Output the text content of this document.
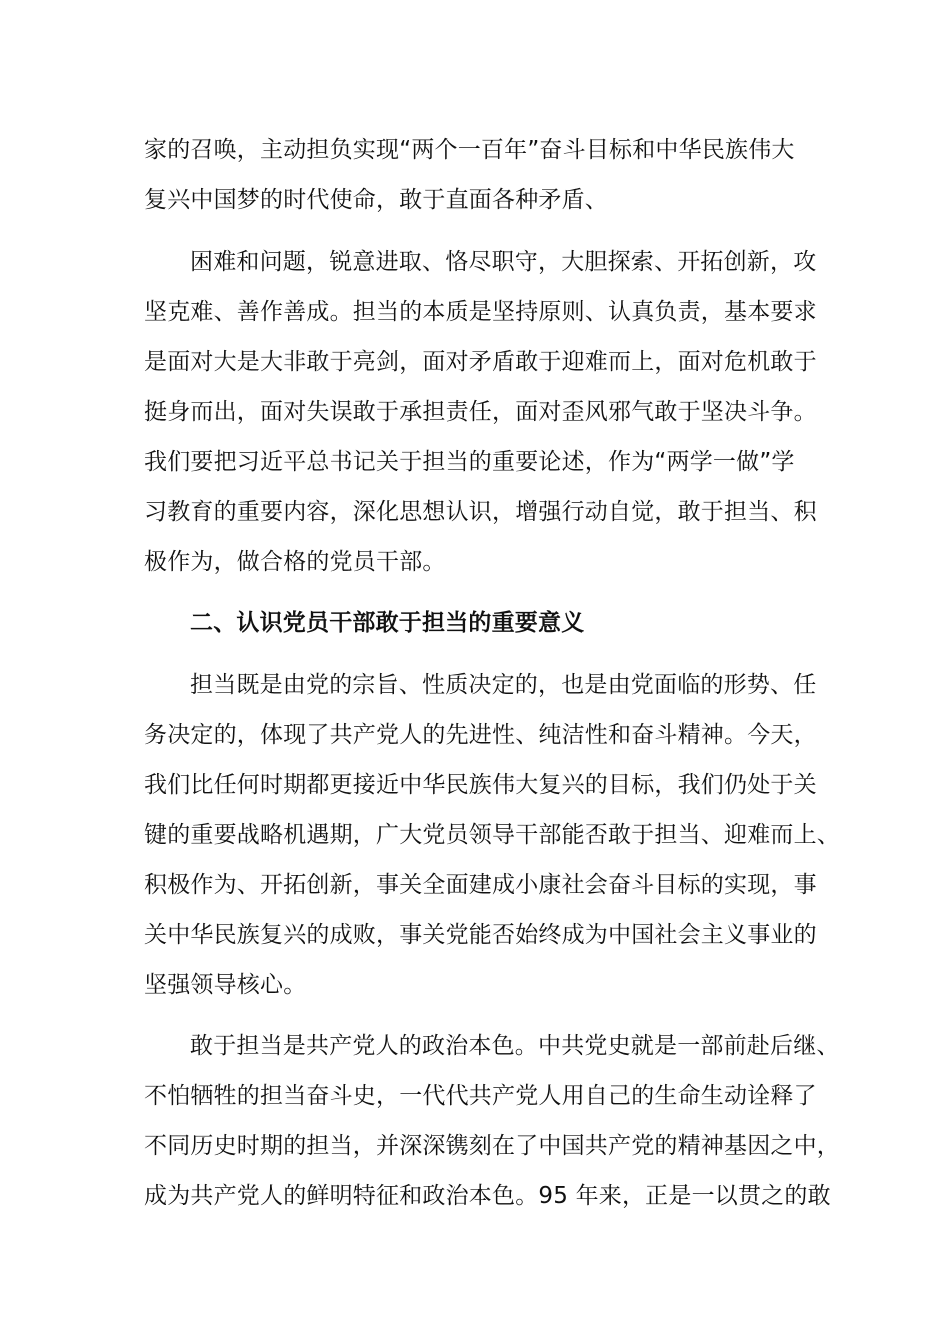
家的召唤，主动担负实现“两个一百年”奋斗目标和中华民族伟大
复兴中国梦的时代使命，敢于直面各种矛盾、
困难和问题，锐意进取、恪尽职守，大胆探索、开拓创新，攻
坚克难、善作善成。担当的本质是坚持原则、认真负责，基本要求
是面对大是大非敢于亮剑，面对矛盾敢于迎难而上，面对危机敢于
挺身而出，面对失误敢于承担责任，面对歪风邪气敢于坚决斗争。
我们要把习近平总书记关于担当的重要论述，作为“两学一做”学
习教育的重要内容，深化思想认识，增强行动自觉，敢于担当、积
极作为，做合格的党员干部。
二、认识党员干部敢于担当的重要意义
担当既是由党的宗旨、性质决定的，也是由党面临的形势、任
务决定的，体现了共产党人的先进性、纯洁性和奋斗精神。今天，
我们比任何时期都更接近中华民族伟大复兴的目标，我们仍处于关
键的重要战略机遇期，广大党员领导干部能否敢于担当、迎难而上、
积极作为、开拓创新，事关全面建成小康社会奋斗目标的实现，事
关中华民族复兴的成败，事关党能否始终成为中国社会主义事业的
坚强领导核心。
敢于担当是共产党人的政治本色。中共党史就是一部前赴后继、
不怕牺牲的担当奋斗史，一代代共产党人用自己的生命生动诠释了
不同历史时期的担当，并深深镌刻在了中国共产党的精神基因之中，
成为共产党人的鲜明特征和政治本色。95 年来，正是一以贯之的敢
